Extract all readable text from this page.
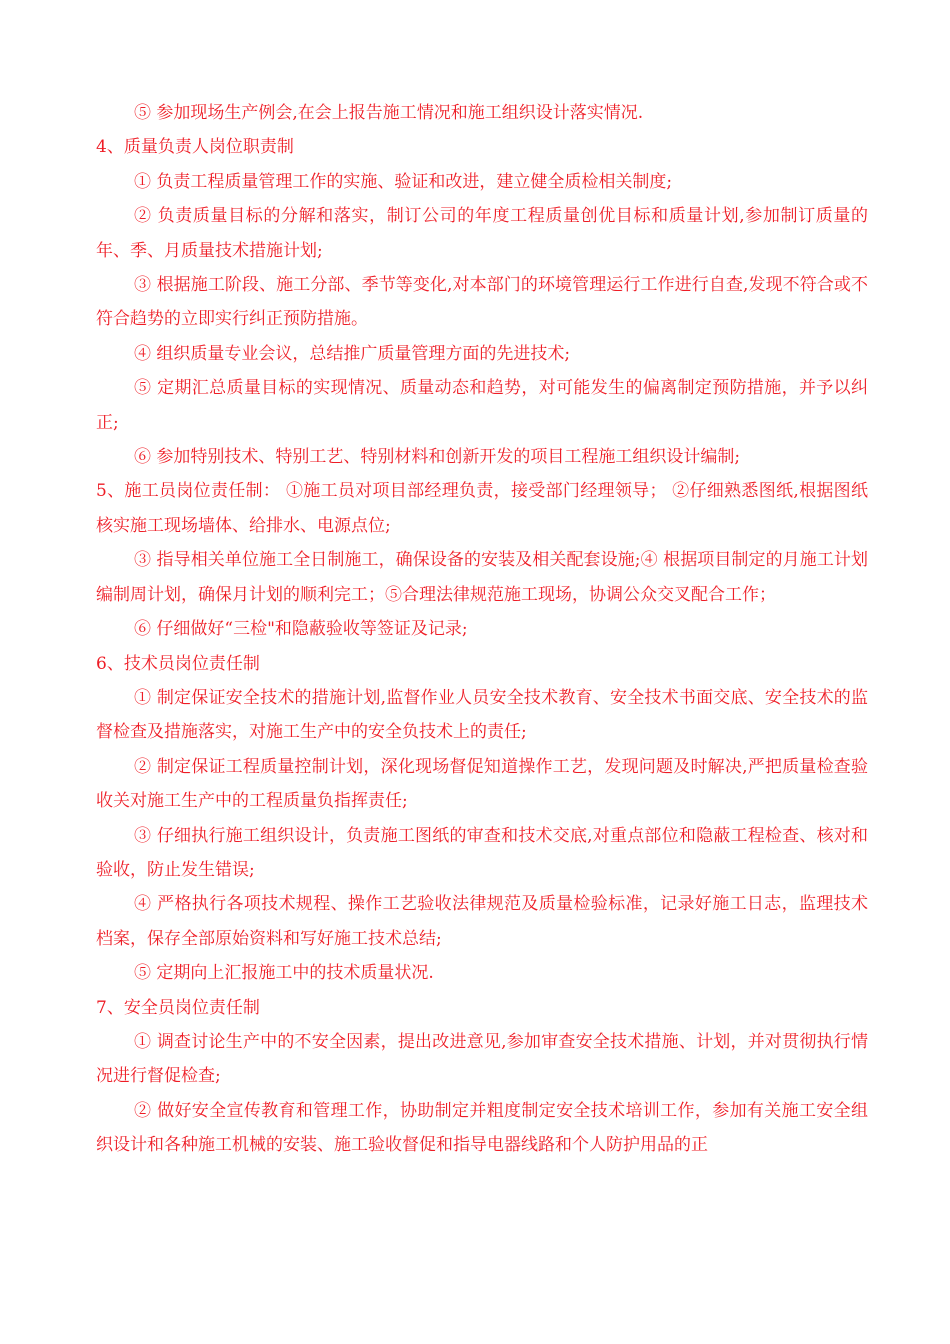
⑤ 参加现场生产例会,在会上报告施工情况和施工组织设计落实情况.

4、质量负责人岗位职责制

① 负责工程质量管理工作的实施、验证和改进，建立健全质检相关制度;

② 负责质量目标的分解和落实，制订公司的年度工程质量创优目标和质量计划,参加制订质量的年、季、月质量技术措施计划;

③ 根据施工阶段、施工分部、季节等变化,对本部门的环境管理运行工作进行自查,发现不符合或不符合趋势的立即实行纠正预防措施。

④ 组织质量专业会议，总结推广质量管理方面的先进技术;

⑤ 定期汇总质量目标的实现情况、质量动态和趋势，对可能发生的偏离制定预防措施，并予以纠正;

⑥ 参加特别技术、特别工艺、特别材料和创新开发的项目工程施工组织设计编制;

5、施工员岗位责任制： ①施工员对项目部经理负责，接受部门经理领导； ②仔细熟悉图纸,根据图纸核实施工现场墙体、给排水、电源点位;

③ 指导相关单位施工全日制施工，确保设备的安装及相关配套设施;④ 根据项目制定的月施工计划编制周计划，确保月计划的顺利完工；⑤合理法律规范施工现场，协调公众交叉配合工作；

⑥ 仔细做好“三检"和隐蔽验收等签证及记录;

6、技术员岗位责任制

① 制定保证安全技术的措施计划,监督作业人员安全技术教育、安全技术书面交底、安全技术的监督检查及措施落实，对施工生产中的安全负技术上的责任;

② 制定保证工程质量控制计划，深化现场督促知道操作工艺，发现问题及时解决,严把质量检查验收关对施工生产中的工程质量负指挥责任;

③ 仔细执行施工组织设计，负责施工图纸的审查和技术交底,对重点部位和隐蔽工程检查、核对和验收，防止发生错误;

④ 严格执行各项技术规程、操作工艺验收法律规范及质量检验标准，记录好施工日志，监理技术档案，保存全部原始资料和写好施工技术总结;

⑤ 定期向上汇报施工中的技术质量状况.

7、安全员岗位责任制

① 调查讨论生产中的不安全因素，提出改进意见,参加审查安全技术措施、计划，并对贯彻执行情况进行督促检查;

② 做好安全宣传教育和管理工作，协助制定并粗度制定安全技术培训工作，参加有关施工安全组织设计和各种施工机械的安装、施工验收督促和指导电器线路和个人防护用品的正
